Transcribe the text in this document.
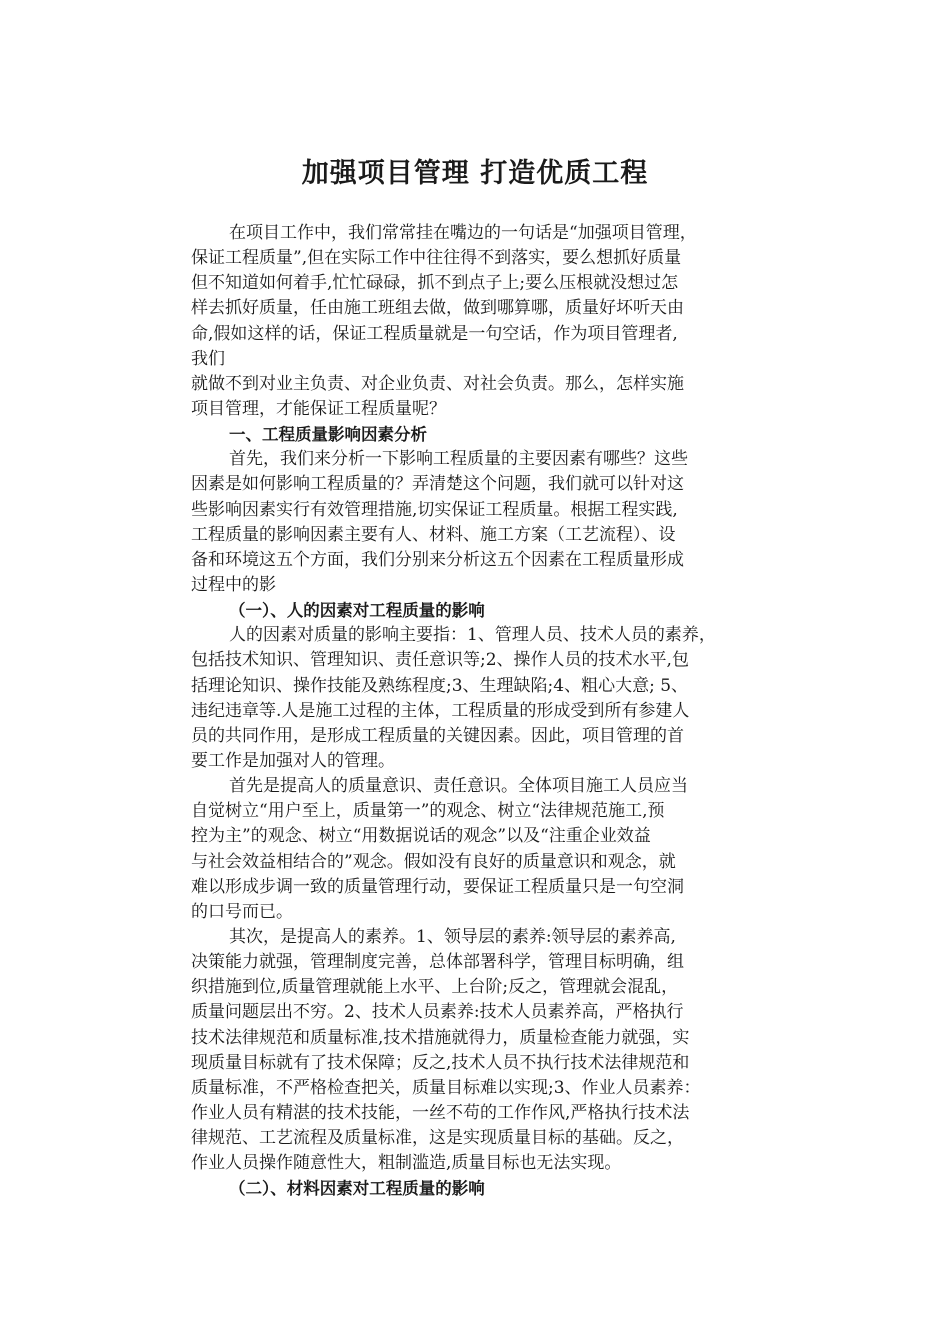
加强项目管理 打造优质工程
在项目工作中，我们常常挂在嘴边的一句话是“加强项目管理，
保证工程质量”,但在实际工作中往往得不到落实，要么想抓好质量
但不知道如何着手,忙忙碌碌，抓不到点子上;要么压根就没想过怎
样去抓好质量，任由施工班组去做，做到哪算哪，质量好坏听天由
命,假如这样的话，保证工程质量就是一句空话，作为项目管理者,
我们
就做不到对业主负责、对企业负责、对社会负责。那么，怎样实施
项目管理，才能保证工程质量呢？
一、工程质量影响因素分析
首先，我们来分析一下影响工程质量的主要因素有哪些？这些
因素是如何影响工程质量的？弄清楚这个问题，我们就可以针对这
些影响因素实行有效管理措施,切实保证工程质量。根据工程实践,
工程质量的影响因素主要有人、材料、施工方案（工艺流程）、设
备和环境这五个方面，我们分别来分析这五个因素在工程质量形成
过程中的影
（一）、人的因素对工程质量的影响
人的因素对质量的影响主要指：1、管理人员、技术人员的素养，
包括技术知识、管理知识、责任意识等;2、操作人员的技术水平,包
括理论知识、操作技能及熟练程度;3、生理缺陷;4、粗心大意; 5、
违纪违章等.人是施工过程的主体，工程质量的形成受到所有参建人
员的共同作用，是形成工程质量的关键因素。因此，项目管理的首
要工作是加强对人的管理。
首先是提高人的质量意识、责任意识。全体项目施工人员应当
自觉树立“用户至上，质量第一”的观念、树立“法律规范施工,预
控为主”的观念、树立“用数据说话的观念”以及“注重企业效益
与社会效益相结合的”观念。假如没有良好的质量意识和观念，就
难以形成步调一致的质量管理行动，要保证工程质量只是一句空洞
的口号而已。
其次，是提高人的素养。1、领导层的素养:领导层的素养高,
决策能力就强，管理制度完善，总体部署科学，管理目标明确，组
织措施到位,质量管理就能上水平、上台阶;反之，管理就会混乱，
质量问题层出不穷。2、技术人员素养:技术人员素养高，严格执行
技术法律规范和质量标准,技术措施就得力，质量检查能力就强，实
现质量目标就有了技术保障；反之,技术人员不执行技术法律规范和
质量标准，不严格检查把关，质量目标难以实现;3、作业人员素养：
作业人员有精湛的技术技能，一丝不苟的工作作风,严格执行技术法
律规范、工艺流程及质量标准，这是实现质量目标的基础。反之，
作业人员操作随意性大，粗制滥造,质量目标也无法实现。
（二）、材料因素对工程质量的影响
